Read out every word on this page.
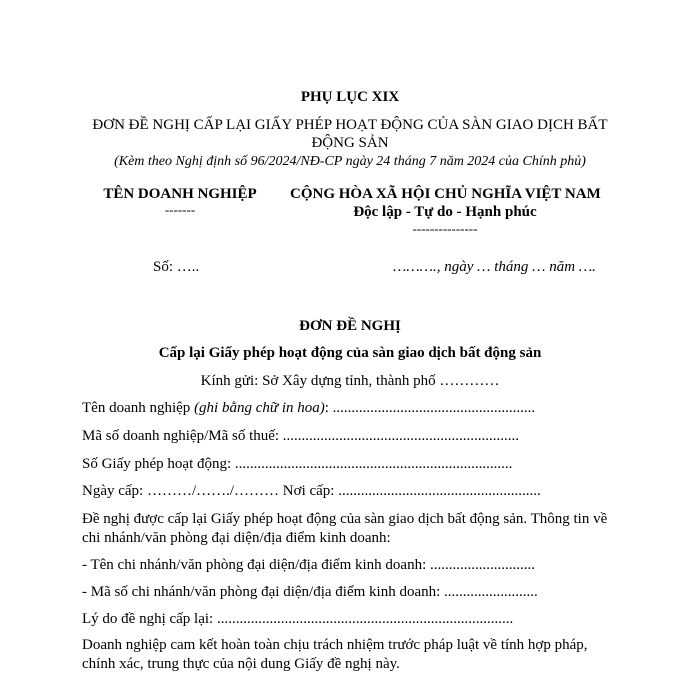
PHỤ LỤC XIX
ĐƠN ĐỀ NGHỊ CẤP LẠI GIẤY PHÉP HOẠT ĐỘNG CỦA SÀN GIAO DỊCH BẤT
ĐỘNG SẢN
(Kèm theo Nghị định số 96/2024/NĐ-CP ngày 24 tháng 7 năm 2024 của Chính phủ)
TÊN DOANH NGHIỆP
-------
Số: …..
CỘNG HÒA XÃ HỘI CHỦ NGHĨA VIỆT NAM
Độc lập - Tự do - Hạnh phúc
---------------
………., ngày … tháng … năm ….
ĐƠN ĐỀ NGHỊ
Cấp lại Giấy phép hoạt động của sàn giao dịch bất động sản
Kính gửi: Sở Xây dựng tỉnh, thành phố …………
Tên doanh nghiệp (ghi bằng chữ in hoa): ......................................................
Mã số doanh nghiệp/Mã số thuế: ...............................................................
Số Giấy phép hoạt động: ..........................................................................
Ngày cấp: ………/……./……… Nơi cấp: ......................................................
Đề nghị được cấp lại Giấy phép hoạt động của sàn giao dịch bất động sản. Thông tin về
chi nhánh/văn phòng đại diện/địa điểm kinh doanh:
- Tên chi nhánh/văn phòng đại diện/địa điểm kinh doanh: ............................
- Mã số chi nhánh/văn phòng đại diện/địa điểm kinh doanh: .........................
Lý do đề nghị cấp lại: ...............................................................................
Doanh nghiệp cam kết hoàn toàn chịu trách nhiệm trước pháp luật về tính hợp pháp,
chính xác, trung thực của nội dung Giấy đề nghị này.
